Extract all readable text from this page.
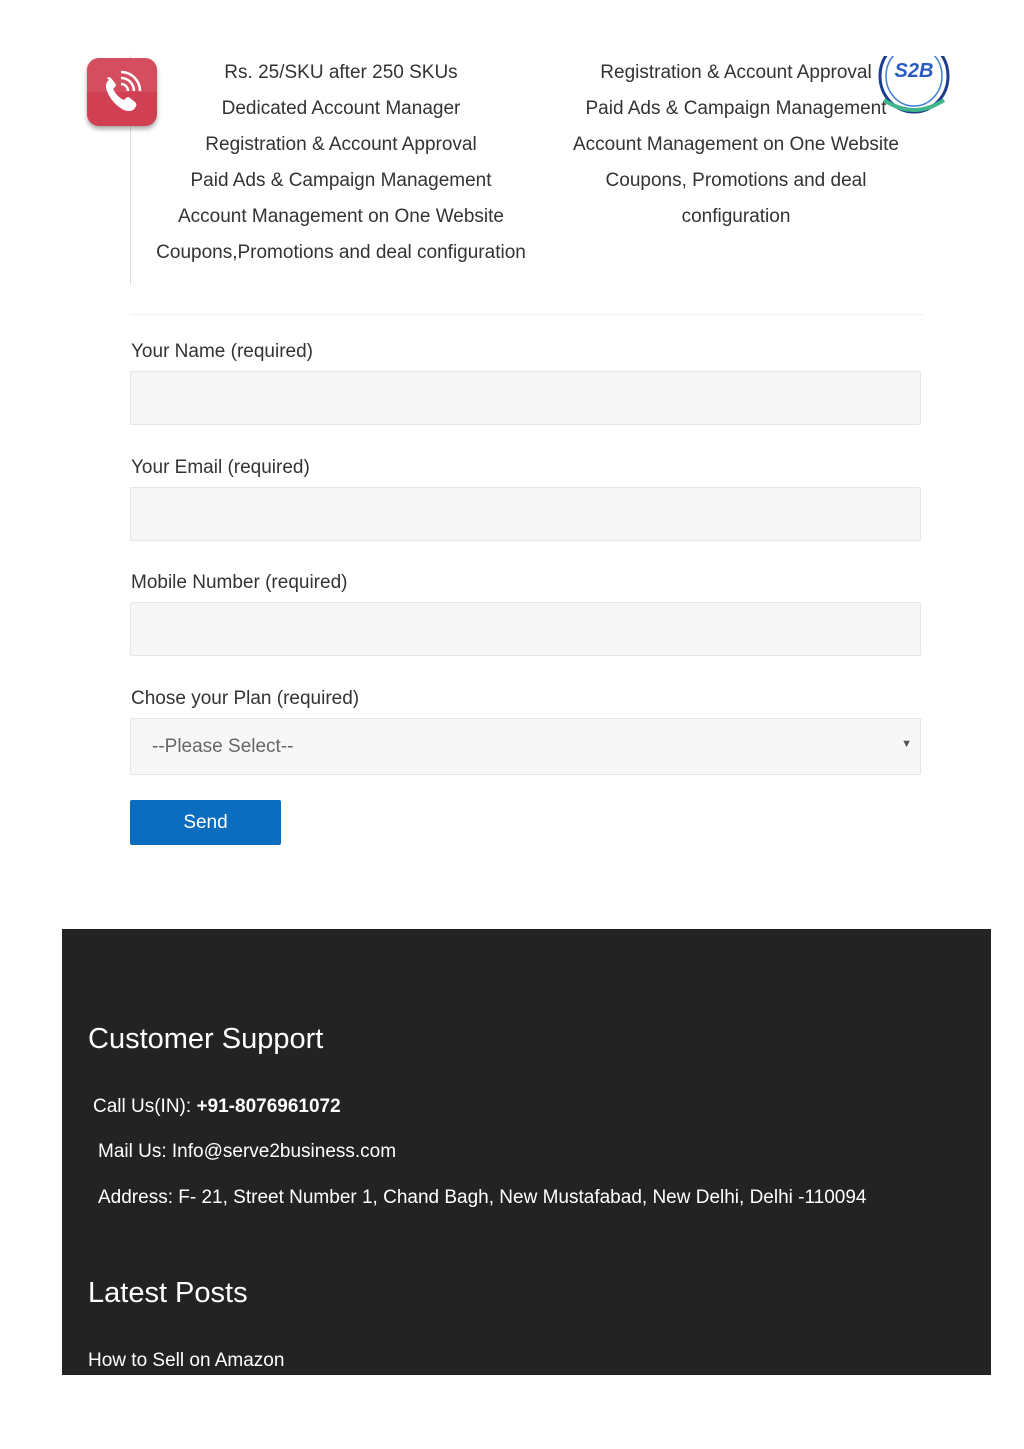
Rs. 25/SKU after 250 SKUs
Dedicated Account Manager
Registration & Account Approval
Paid Ads & Campaign Management
Account Management on One Website
Coupons,Promotions and deal configuration
Registration & Account Approval
Paid Ads & Campaign Management
Account Management on One Website
Coupons, Promotions and deal
configuration
S2B
Your Name (required)
Your Email (required)
Mobile Number (required)
Chose your Plan (required)
--Please Select--	▼
Send
Customer Support
Call Us(IN): +91-8076961072
Mail Us: Info@serve2business.com
Address: F- 21, Street Number 1, Chand Bagh, New Mustafabad, New Delhi, Delhi -110094
Latest Posts
How to Sell on Amazon
